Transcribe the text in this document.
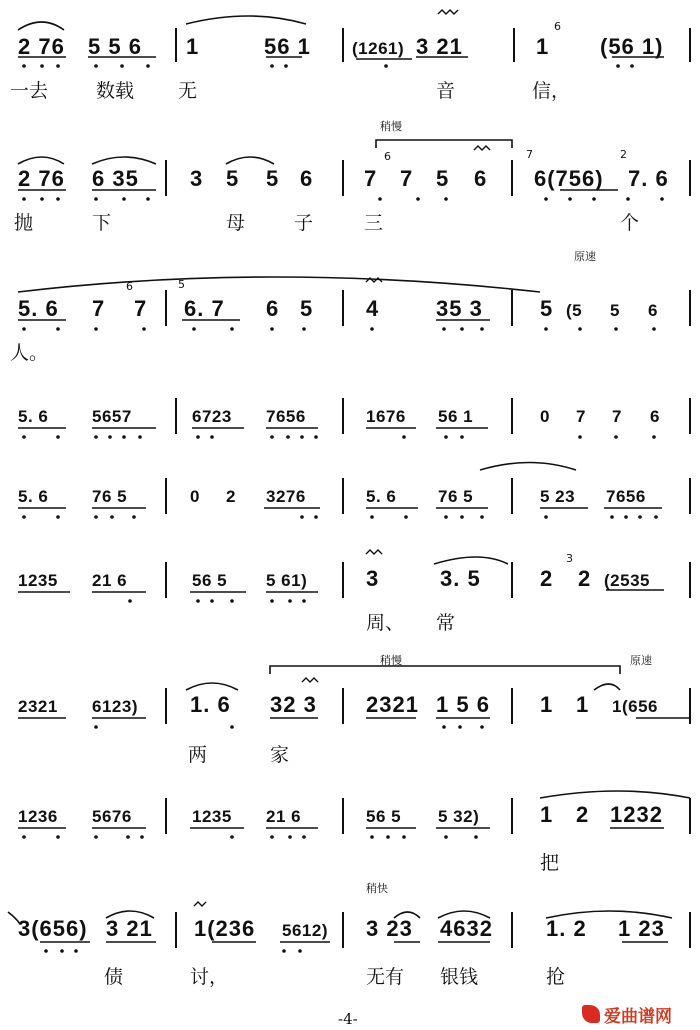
2 76 5 5 6 1	56 1 (1261) 3 21	1 (56 1)
6
一去	数载 无	音	信，
稍慢
2 76 6 35 3 5 5 6 7 7 5 6 6(756) 7. 6
6	7	2
抛	下	母	子	三	个
原速
5. 6 7 7 6. 7 6 5 4	35 3	5 (5 5 6
6	5
人。
5. 6	5657	6723 7656	1676 56 1	0 7 7 6
5. 6	76 5	0 2 3276	5. 6 76 5	5 23 7656
1235 21 6	56 5 5 61)	3	3. 5	2 2 (2535
3
周、 常
稍慢	原速
2321 6123) 1. 6 32 3 2321 1 5 6 1 1 1(656
两	家
1236 5676	1235 21 6	56 5 5 32)	1 2 1232
把
稍快
3(656) 3 21 1(236 5612) 3 23 4632 1. 2 1 23
债	讨，	无有 银钱	抢
-4-	爱曲谱网
